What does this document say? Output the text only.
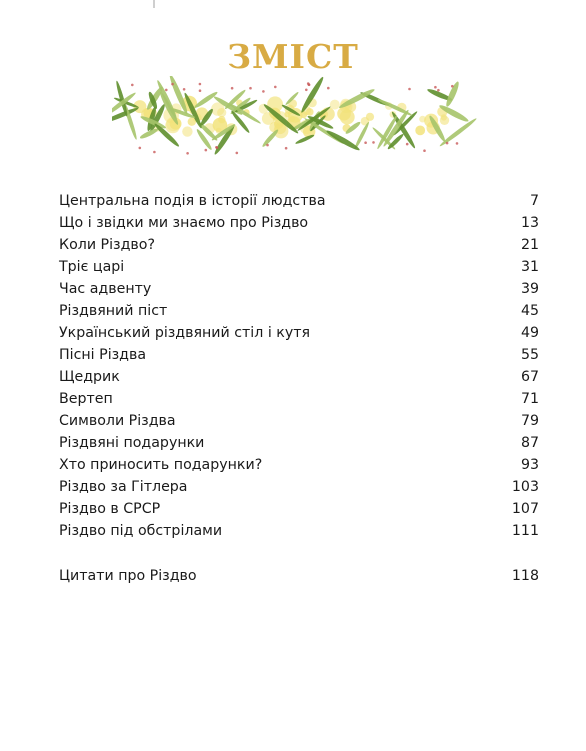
ЗМІСТ
Центральна подія в історії людства	7
Що і звідки ми знаємо про Різдво	13
Коли Різдво?	21
Тріє царі	31
Час адвенту	39
Різдвяний піст	45
Український різдвяний стіл і кутя	49
Пісні Різдва	55
Щедрик	67
Вертеп	71
Символи Різдва	79
Різдвяні подарунки	87
Хто приносить подарунки?	93
Різдво за Гітлера	103
Різдво в СРСР	107
Різдво під обстрілами	111
Цитати про Різдво	118
